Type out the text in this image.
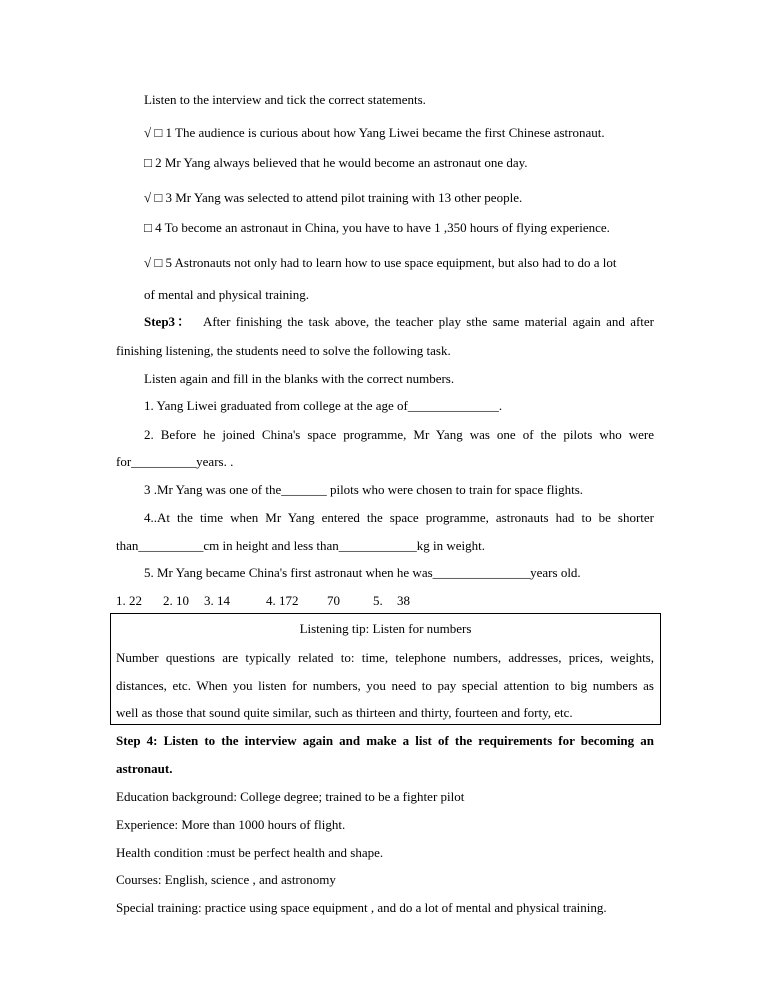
Listen to the interview and tick the correct statements.
√ □ 1 The audience is curious about how Yang Liwei became the first Chinese astronaut.
□ 2 Mr Yang always believed that he would become an astronaut one day.
√ □ 3 Mr Yang was selected to attend pilot training with 13 other people.
□ 4 To become an astronaut in China, you have to have 1 ,350 hours of flying experience.
√ □ 5 Astronauts not only had to learn how to use space equipment, but also had to do a lot
of mental and physical training.
Step3： After finishing the task above, the teacher play sthe same material again and after
finishing listening, the students need to solve the following task.
Listen again and fill in the blanks with the correct numbers.
1. Yang Liwei graduated from college at the age of______________.
2. Before he joined China's space programme, Mr Yang was one of the pilots who were
for__________years. .
3 .Mr Yang was one of the_______ pilots who were chosen to train for space flights.
4..At the time when Mr Yang entered the space programme, astronauts had to be shorter
than__________cm in height and less than____________kg in weight.
5. Mr Yang became China's first astronaut when he was_______________years old.
1. 22 2. 10 3. 14	4. 172 70	5. 38
Listening tip: Listen for numbers
Number questions are typically related to: time, telephone numbers, addresses, prices, weights,
distances, etc. When you listen for numbers, you need to pay special attention to big numbers as
well as those that sound quite similar, such as thirteen and thirty, fourteen and forty, etc.
Step 4: Listen to the interview again and make a list of the requirements for becoming an
astronaut.
Education background: College degree; trained to be a fighter pilot
Experience: More than 1000 hours of flight.
Health condition :must be perfect health and shape.
Courses: English, science , and astronomy
Special training: practice using space equipment , and do a lot of mental and physical training.
